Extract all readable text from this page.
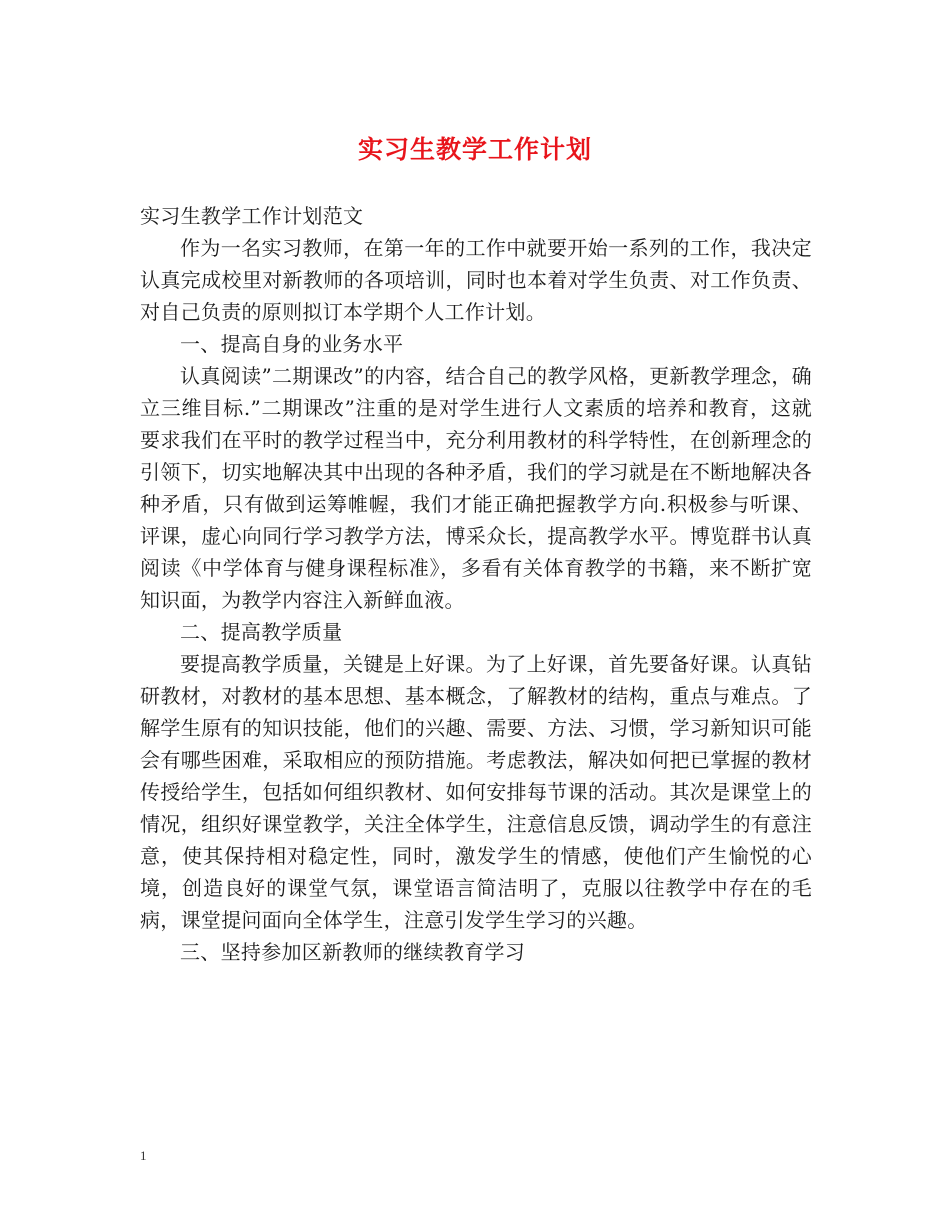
实习生教学工作计划

实习生教学工作计划范文

作为一名实习教师，在第一年的工作中就要开始一系列的工作，我决定认真完成校里对新教师的各项培训，同时也本着对学生负责、对工作负责、对自己负责的原则拟订本学期个人工作计划。

一、提高自身的业务水平

认真阅读”二期课改”的内容，结合自己的教学风格，更新教学理念，确立三维目标.”二期课改”注重的是对学生进行人文素质的培养和教育，这就要求我们在平时的教学过程当中，充分利用教材的科学特性，在创新理念的引领下，切实地解决其中出现的各种矛盾，我们的学习就是在不断地解决各种矛盾，只有做到运筹帷幄，我们才能正确把握教学方向.积极参与听课、评课，虚心向同行学习教学方法，博采众长，提高教学水平。博览群书认真阅读《中学体育与健身课程标准》，多看有关体育教学的书籍，来不断扩宽知识面，为教学内容注入新鲜血液。

二、提高教学质量

要提高教学质量，关键是上好课。为了上好课，首先要备好课。认真钻研教材，对教材的基本思想、基本概念，了解教材的结构，重点与难点。了解学生原有的知识技能，他们的兴趣、需要、方法、习惯，学习新知识可能会有哪些困难，采取相应的预防措施。考虑教法，解决如何把已掌握的教材传授给学生，包括如何组织教材、如何安排每节课的活动。其次是课堂上的情况，组织好课堂教学，关注全体学生，注意信息反馈，调动学生的有意注意，使其保持相对稳定性，同时，激发学生的情感，使他们产生愉悦的心境，创造良好的课堂气氛，课堂语言简洁明了，克服以往教学中存在的毛病，课堂提问面向全体学生，注意引发学生学习的兴趣。

三、坚持参加区新教师的继续教育学习

1
